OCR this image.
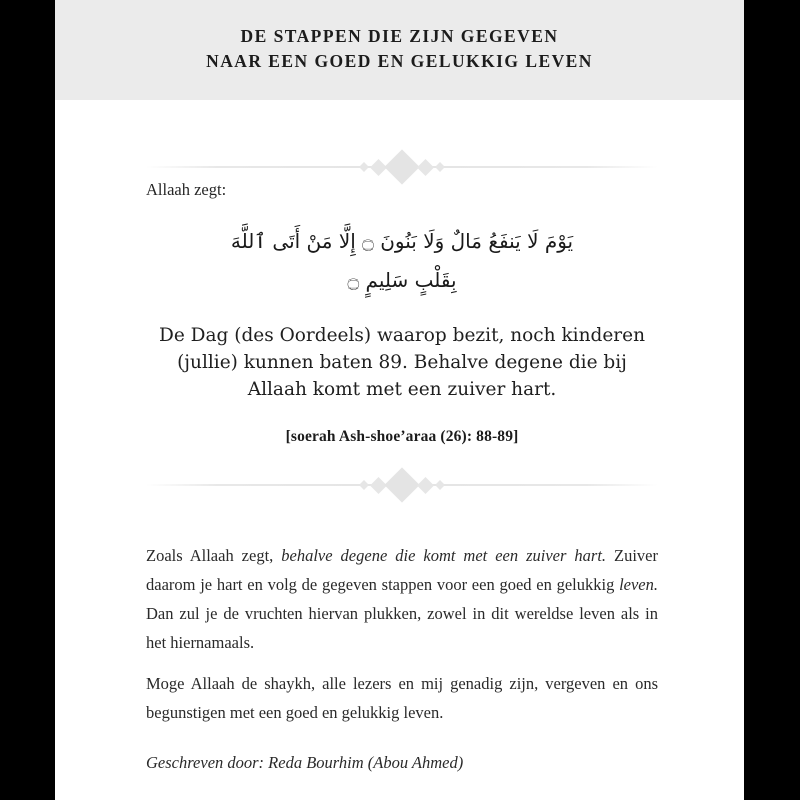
DE STAPPEN DIE ZIJN GEGEVEN
NAAR EEN GOED EN GELUKKIG LEVEN
Allaah zegt:
يَوْمَ لَا يَنفَعُ مَالٌ وَلَا بَنُونَ ۝ إِلَّا مَنْ أَتَى ٱللَّهَ
بِقَلْبٍ سَلِيمٍ ۝
De Dag (des Oordeels) waarop bezit, noch kinderen (jullie) kunnen baten 89. Behalve degene die bij Allaah komt met een zuiver hart.
[soerah Ash-shoe’araa (26): 88-89]

Zoals Allaah zegt, behalve degene die komt met een zuiver hart. Zuiver daarom je hart en volg de gegeven stappen voor een goed en gelukkig leven. Dan zul je de vruchten hiervan plukken, zowel in dit wereldse leven als in het hiernamaals.

Moge Allaah de shaykh, alle lezers en mij genadig zijn, vergeven en ons begunstigen met een goed en gelukkig leven.

Geschreven door: Reda Bourhim (Abou Ahmed)
